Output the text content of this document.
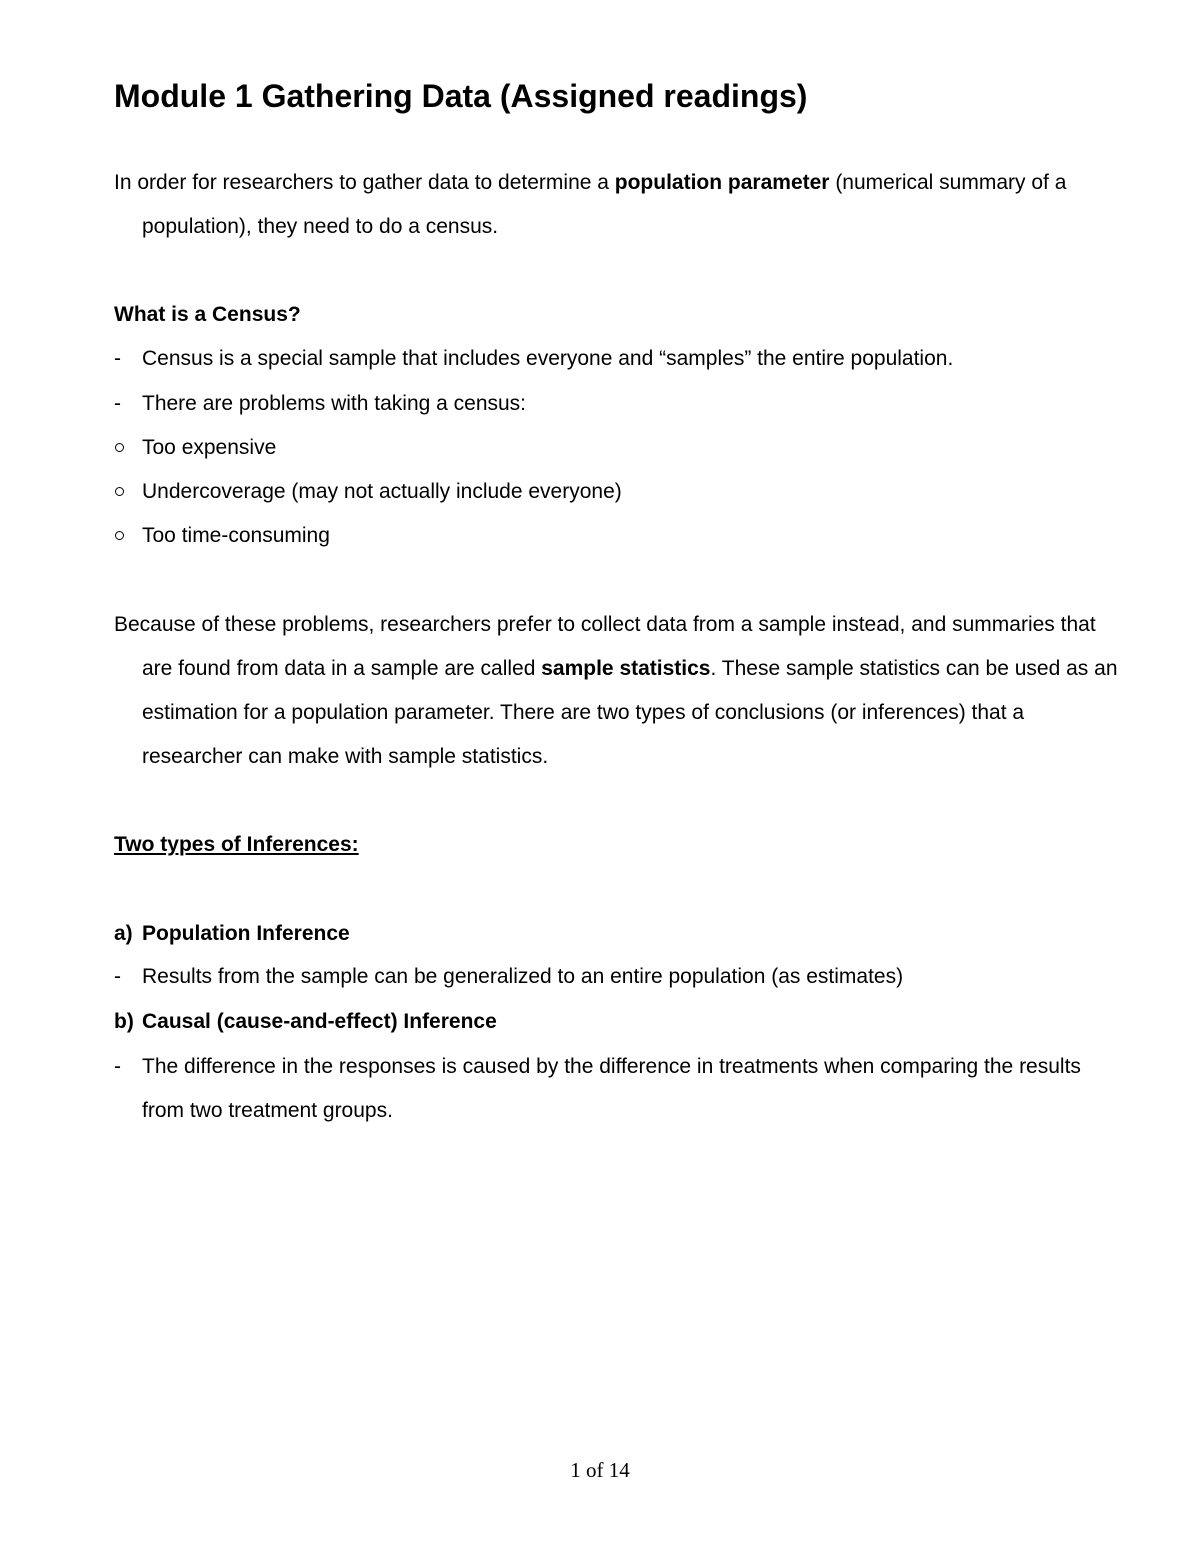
Module 1 Gathering Data (Assigned readings)

In order for researchers to gather data to determine a population parameter (numerical summary of a population), they need to do a census.

What is a Census?
-	Census is a special sample that includes everyone and “samples” the entire population.
-	There are problems with taking a census:
Too expensive
Undercoverage (may not actually include everyone)
Too time-consuming

Because of these problems, researchers prefer to collect data from a sample instead, and summaries that are found from data in a sample are called sample statistics. These sample statistics can be used as an estimation for a population parameter. There are two types of conclusions (or inferences) that a researcher can make with sample statistics.

Two types of Inferences:
a) Population Inference
-	Results from the sample can be generalized to an entire population (as estimates)
b) Causal (cause-and-effect) Inference
- The difference in the responses is caused by the difference in treatments when comparing the results from two treatment groups.
1 of 14
